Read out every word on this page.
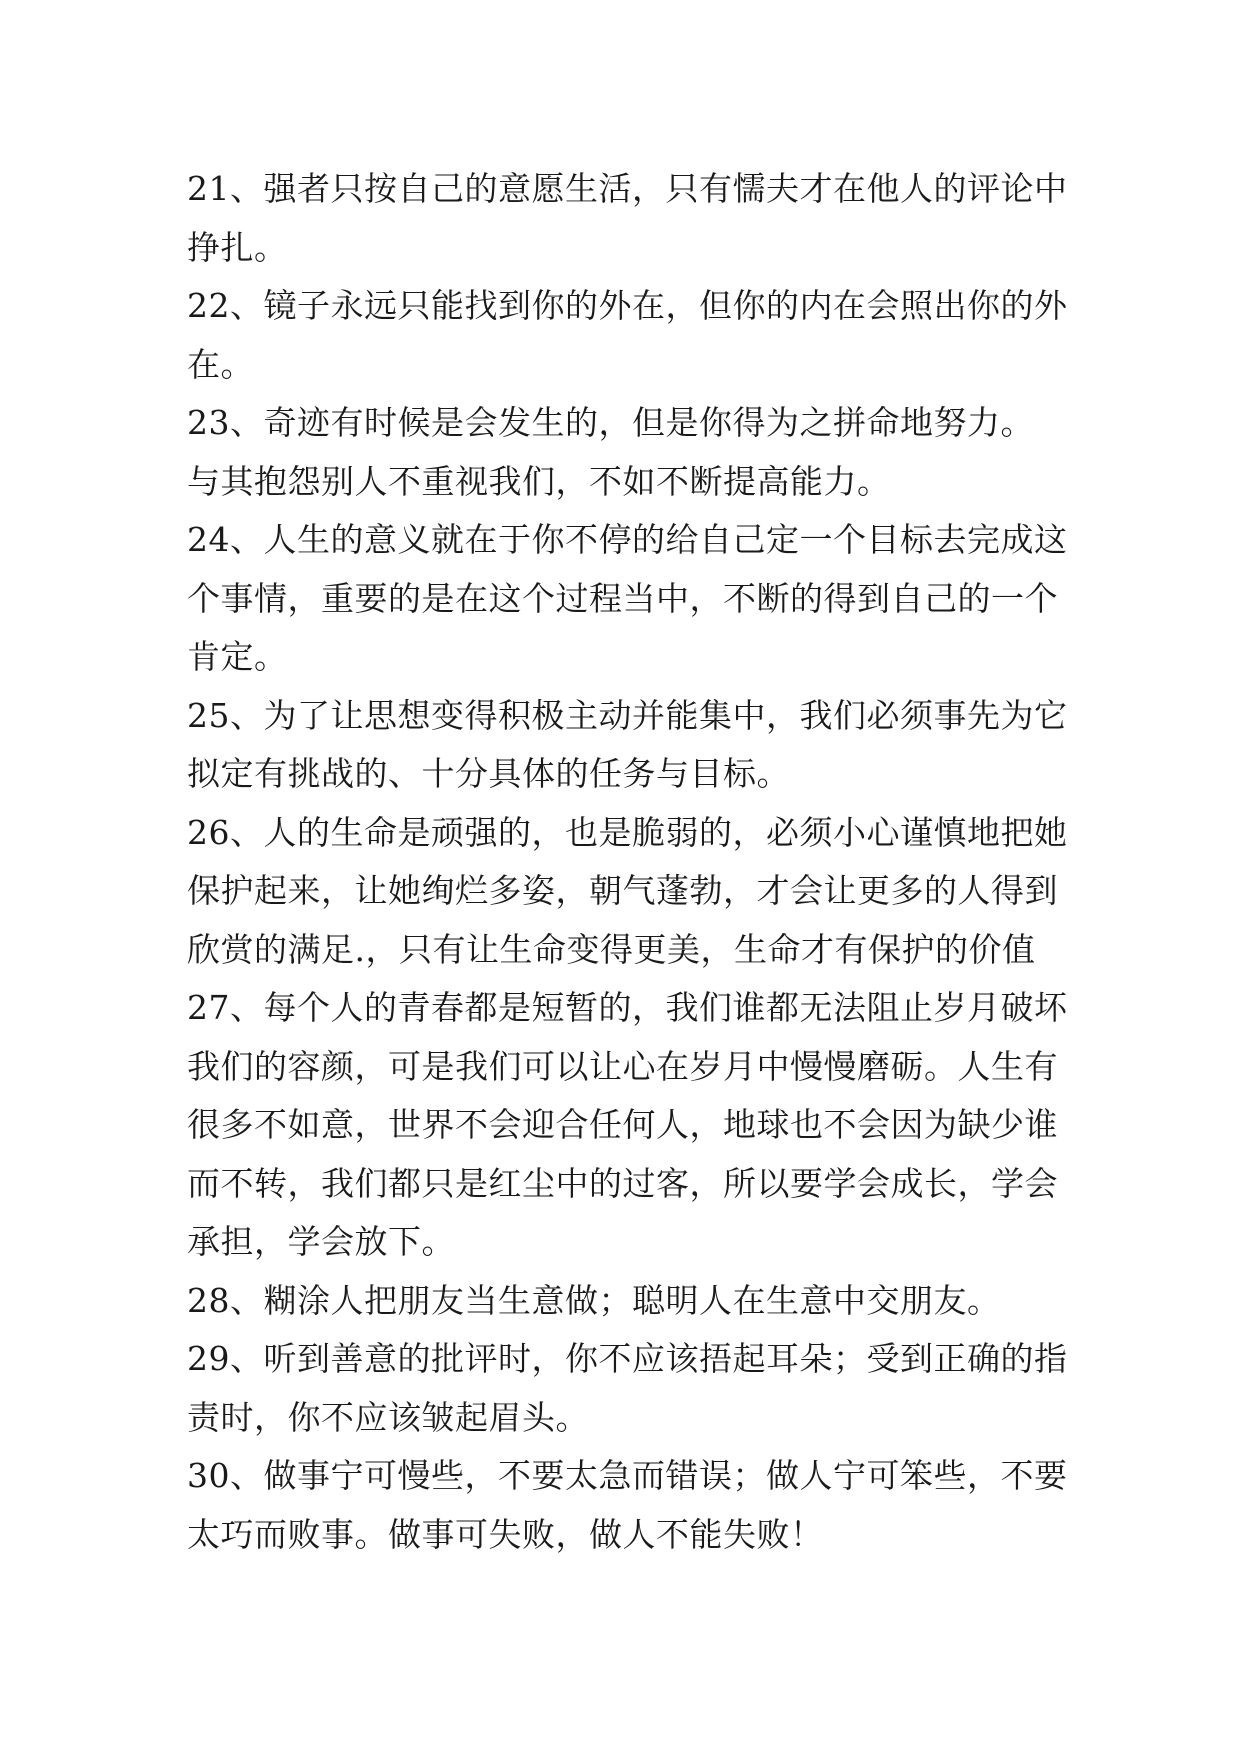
21、强者只按自己的意愿生活，只有懦夫才在他人的评论中
挣扎。
22、镜子永远只能找到你的外在，但你的内在会照出你的外
在。
23、奇迹有时候是会发生的，但是你得为之拼命地努力。
与其抱怨别人不重视我们，不如不断提高能力。
24、人生的意义就在于你不停的给自己定一个目标去完成这
个事情，重要的是在这个过程当中，不断的得到自己的一个
肯定。
25、为了让思想变得积极主动并能集中，我们必须事先为它
拟定有挑战的、十分具体的任务与目标。
26、人的生命是顽强的，也是脆弱的，必须小心谨慎地把她
保护起来，让她绚烂多姿，朝气蓬勃，才会让更多的人得到
欣赏的满足.，只有让生命变得更美，生命才有保护的价值
27、每个人的青春都是短暂的，我们谁都无法阻止岁月破坏
我们的容颜，可是我们可以让心在岁月中慢慢磨砺。人生有
很多不如意，世界不会迎合任何人，地球也不会因为缺少谁
而不转，我们都只是红尘中的过客，所以要学会成长，学会
承担，学会放下。
28、糊涂人把朋友当生意做；聪明人在生意中交朋友。
29、听到善意的批评时，你不应该捂起耳朵；受到正确的指
责时，你不应该皱起眉头。
30、做事宁可慢些，不要太急而错误；做人宁可笨些，不要
太巧而败事。做事可失败，做人不能失败！
